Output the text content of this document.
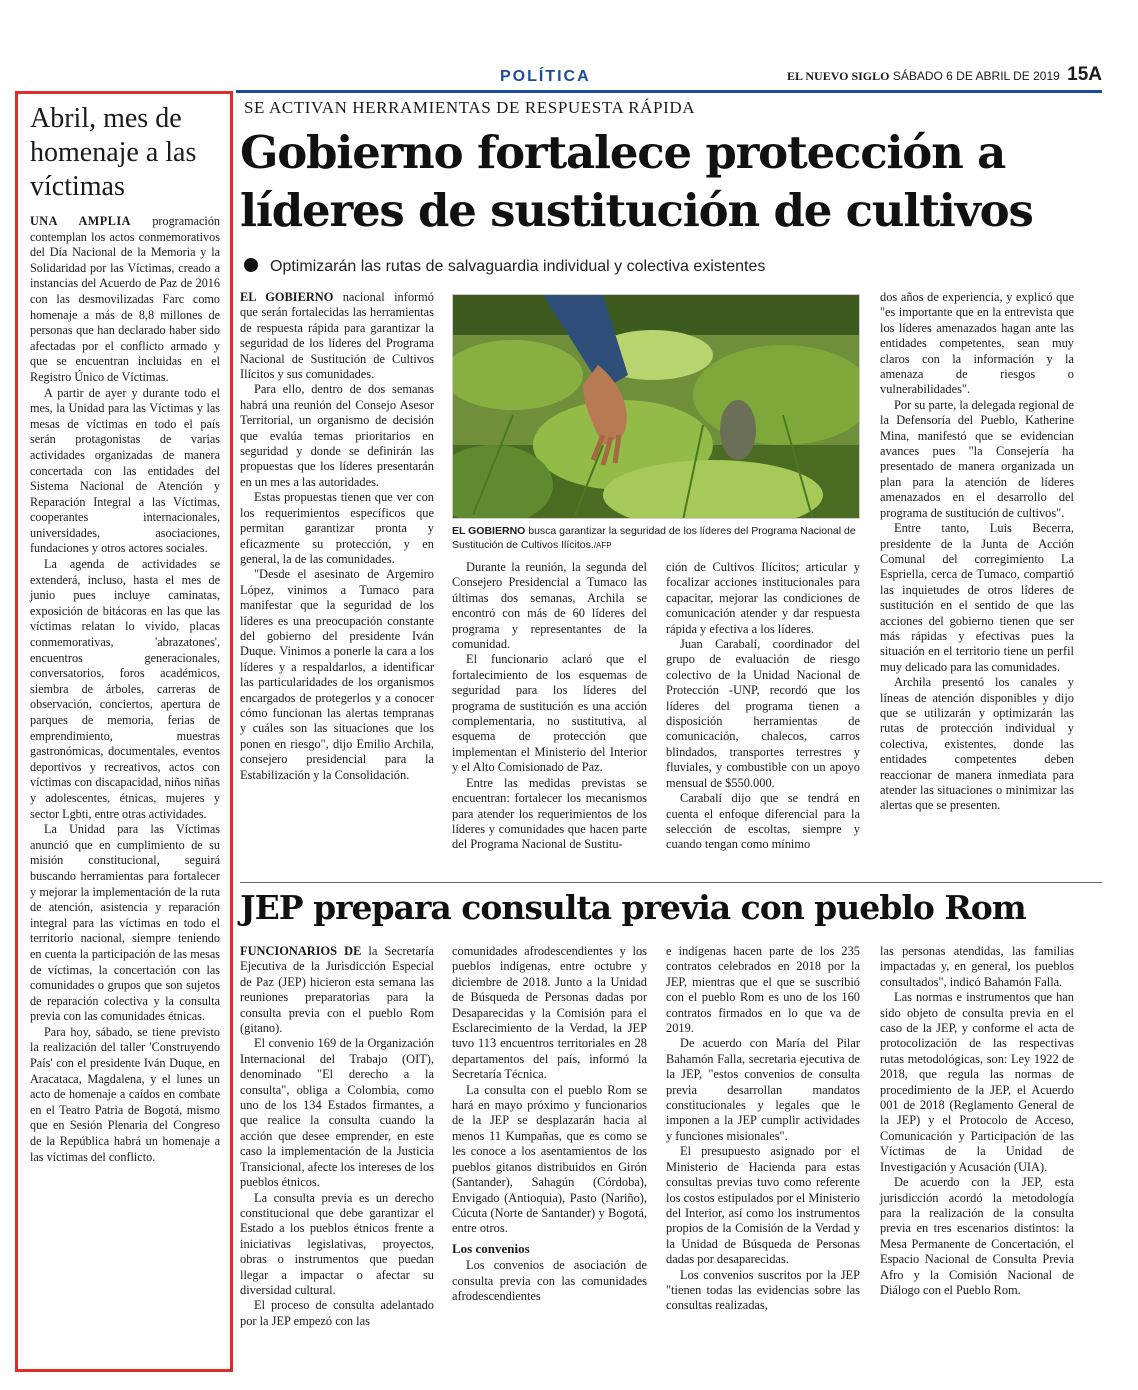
POLÍTICA	EL NUEVO SIGLO SÁBADO 6 DE ABRIL DE 2019 15A
Abril, mes de homenaje a las víctimas

UNA AMPLIA programación contemplan los actos conmemorativos del Día Nacional de la Memoria y la Solidaridad por las Víctimas, creado a instancias del Acuerdo de Paz de 2016 con las desmovilizadas Farc como homenaje a más de 8,8 millones de personas que han declarado haber sido afectadas por el conflicto armado y que se encuentran incluidas en el Registro Único de Víctimas.

A partir de ayer y durante todo el mes, la Unidad para las Víctimas y las mesas de víctimas en todo el país serán protagonistas de varias actividades organizadas de manera concertada con las entidades del Sistema Nacional de Atención y Reparación Integral a las Víctimas, cooperantes internacionales, universidades, asociaciones, fundaciones y otros actores sociales.

La agenda de actividades se extenderá, incluso, hasta el mes de junio pues incluye caminatas, exposición de bitácoras en las que las víctimas relatan lo vivido, placas conmemorativas, 'abrazatones', encuentros generacionales, conversatorios, foros académicos, siembra de árboles, carreras de observación, conciertos, apertura de parques de memoria, ferias de emprendimiento, muestras gastronómicas, documentales, eventos deportivos y recreativos, actos con víctimas con discapacidad, niños niñas y adolescentes, étnicas, mujeres y sector Lgbti, entre otras actividades.

La Unidad para las Víctimas anunció que en cumplimiento de su misión constitucional, seguirá buscando herramientas para fortalecer y mejorar la implementación de la ruta de atención, asistencia y reparación integral para las víctimas en todo el territorio nacional, siempre teniendo en cuenta la participación de las mesas de víctimas, la concertación con las comunidades o grupos que son sujetos de reparación colectiva y la consulta previa con las comunidades étnicas.

Para hoy, sábado, se tiene previsto la realización del taller 'Construyendo País' con el presidente Iván Duque, en Aracataca, Magdalena, y el lunes un acto de homenaje a caídos en combate en el Teatro Patria de Bogotá, mismo que en Sesión Plenaria del Congreso de la República habrá un homenaje a las víctimas del conflicto.

SE ACTIVAN HERRAMIENTAS DE RESPUESTA RÁPIDA
Gobierno fortalece protección a líderes de sustitución de cultivos
Optimizarán las rutas de salvaguardia individual y colectiva existentes

EL GOBIERNO nacional informó que serán fortalecidas las herramientas de respuesta rápida para garantizar la seguridad de los líderes del Programa Nacional de Sustitución de Cultivos Ilícitos y sus comunidades.

Para ello, dentro de dos semanas habrá una reunión del Consejo Asesor Territorial, un organismo de decisión que evalúa temas prioritarios en seguridad y donde se definirán las propuestas que los líderes presentarán en un mes a las autoridades.

Estas propuestas tienen que ver con los requerimientos específicos que permitan garantizar pronta y eficazmente su protección, y en general, la de las comunidades.

"Desde el asesinato de Argemiro López, vinimos a Tumaco para manifestar que la seguridad de los líderes es una preocupación constante del gobierno del presidente Iván Duque. Vinimos a ponerle la cara a los líderes y a respaldarlos, a identificar las particularidades de los organismos encargados de protegerlos y a conocer cómo funcionan las alertas tempranas y cuáles son las situaciones que los ponen en riesgo", dijo Emilio Archila, consejero presidencial para la Estabilización y la Consolidación.

EL GOBIERNO busca garantizar la seguridad de los líderes del Programa Nacional de Sustitución de Cultivos Ilícitos./AFP

Durante la reunión, la segunda del Consejero Presidencial a Tumaco las últimas dos semanas, Archila se encontró con más de 60 líderes del programa y representantes de la comunidad.

El funcionario aclaró que el fortalecimiento de los esquemas de seguridad para los líderes del programa de sustitución es una acción complementaria, no sustitutiva, al esquema de protección que implementan el Ministerio del Interior y el Alto Comisionado de Paz.

Entre las medidas previstas se encuentran: fortalecer los mecanismos para atender los requerimientos de los líderes y comunidades que hacen parte del Programa Nacional de Sustitu-

ción de Cultivos Ilícitos; articular y focalizar acciones institucionales para capacitar, mejorar las condiciones de comunicación atender y dar respuesta rápida y efectiva a los líderes.

Juan Carabalí, coordinador del grupo de evaluación de riesgo colectivo de la Unidad Nacional de Protección -UNP, recordó que los líderes del programa tienen a disposición herramientas de comunicación, chalecos, carros blindados, transportes terrestres y fluviales, y combustible con un apoyo mensual de $550.000.

Carabalí dijo que se tendrá en cuenta el enfoque diferencial para la selección de escoltas, siempre y cuando tengan como mínimo

dos años de experiencia, y explicó que "es importante que en la entrevista que los líderes amenazados hagan ante las entidades competentes, sean muy claros con la información y la amenaza de riesgos o vulnerabilidades".

Por su parte, la delegada regional de la Defensoría del Pueblo, Katherine Mina, manifestó que se evidencian avances pues "la Consejería ha presentado de manera organizada un plan para la atención de líderes amenazados en el desarrollo del programa de sustitución de cultivos".

Entre tanto, Luis Becerra, presidente de la Junta de Acción Comunal del corregimiento La Espriella, cerca de Tumaco, compartió las inquietudes de otros líderes de sustitución en el sentido de que las acciones del gobierno tienen que ser más rápidas y efectivas pues la situación en el territorio tiene un perfil muy delicado para las comunidades.

Archila presentó los canales y líneas de atención disponibles y dijo que se utilizarán y optimizarán las rutas de protección individual y colectiva, existentes, donde las entidades competentes deben reaccionar de manera inmediata para atender las situaciones o minimizar las alertas que se presenten.

JEP prepara consulta previa con pueblo Rom

FUNCIONARIOS DE la Secretaría Ejecutiva de la Jurisdicción Especial de Paz (JEP) hicieron esta semana las reuniones preparatorias para la consulta previa con el pueblo Rom (gitano).

El convenio 169 de la Organización Internacional del Trabajo (OIT), denominado "El derecho a la consulta", obliga a Colombia, como uno de los 134 Estados firmantes, a que realice la consulta cuando la acción que desee emprender, en este caso la implementación de la Justicia Transicional, afecte los intereses de los pueblos étnicos.

La consulta previa es un derecho constitucional que debe garantizar el Estado a los pueblos étnicos frente a iniciativas legislativas, proyectos, obras o instrumentos que puedan llegar a impactar o afectar su diversidad cultural.

El proceso de consulta adelantado por la JEP empezó con las

comunidades afrodescendientes y los pueblos indígenas, entre octubre y diciembre de 2018. Junto a la Unidad de Búsqueda de Personas dadas por Desaparecidas y la Comisión para el Esclarecimiento de la Verdad, la JEP tuvo 113 encuentros territoriales en 28 departamentos del país, informó la Secretaría Técnica.

La consulta con el pueblo Rom se hará en mayo próximo y funcionarios de la JEP se desplazarán hacia al menos 11 Kumpañas, que es como se les conoce a los asentamientos de los pueblos gitanos distribuidos en Girón (Santander), Sahagún (Córdoba), Envigado (Antioquia), Pasto (Nariño), Cúcuta (Norte de Santander) y Bogotá, entre otros.

Los convenios

Los convenios de asociación de consulta previa con las comunidades afrodescendientes

e indígenas hacen parte de los 235 contratos celebrados en 2018 por la JEP, mientras que el que se suscribió con el pueblo Rom es uno de los 160 contratos firmados en lo que va de 2019.

De acuerdo con María del Pilar Bahamón Falla, secretaria ejecutiva de la JEP, "estos convenios de consulta previa desarrollan mandatos constitucionales y legales que le imponen a la JEP cumplir actividades y funciones misionales".

El presupuesto asignado por el Ministerio de Hacienda para estas consultas previas tuvo como referente los costos estipulados por el Ministerio del Interior, así como los instrumentos propios de la Comisión de la Verdad y la Unidad de Búsqueda de Personas dadas por desaparecidas.

Los convenios suscritos por la JEP "tienen todas las evidencias sobre las consultas realizadas,

las personas atendidas, las familias impactadas y, en general, los pueblos consultados", indicó Bahamón Falla.

Las normas e instrumentos que han sido objeto de consulta previa en el caso de la JEP, y conforme el acta de protocolización de las respectivas rutas metodológicas, son: Ley 1922 de 2018, que regula las normas de procedimiento de la JEP, el Acuerdo 001 de 2018 (Reglamento General de la JEP) y el Protocolo de Acceso, Comunicación y Participación de las Víctimas de la Unidad de Investigación y Acusación (UIA).

De acuerdo con la JEP, esta jurisdicción acordó la metodología para la realización de la consulta previa en tres escenarios distintos: la Mesa Permanente de Concertación, el Espacio Nacional de Consulta Previa Afro y la Comisión Nacional de Diálogo con el Pueblo Rom.
